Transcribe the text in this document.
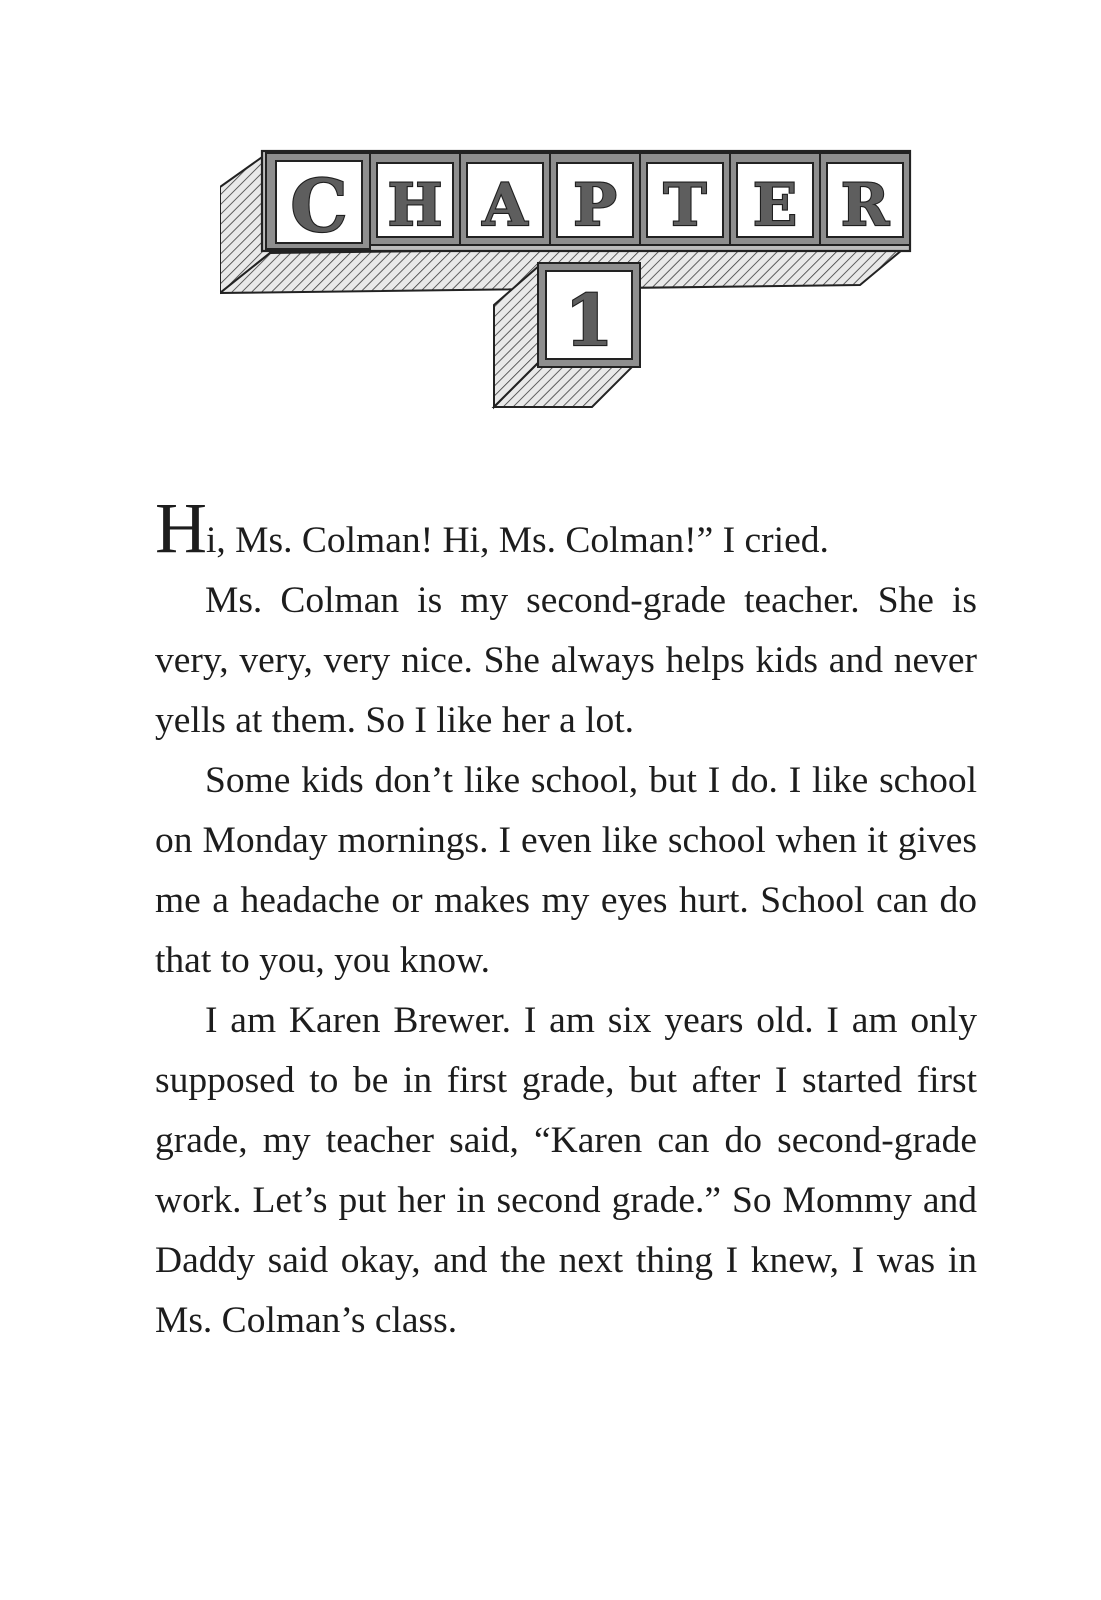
C H A P T E R
1

Hi, Ms. Colman! Hi, Ms. Colman!” I cried.

Ms. Colman is my second-grade teacher. She is very, very, very nice. She always helps kids and never yells at them. So I like her a lot.

Some kids don’t like school, but I do. I like school on Monday mornings. I even like school when it gives me a headache or makes my eyes hurt. School can do that to you, you know.

I am Karen Brewer. I am six years old. I am only supposed to be in first grade, but after I started first grade, my teacher said, “Karen can do second-grade work. Let’s put her in second grade.” So Mommy and Daddy said okay, and the next thing I knew, I was in Ms. Colman’s class.
